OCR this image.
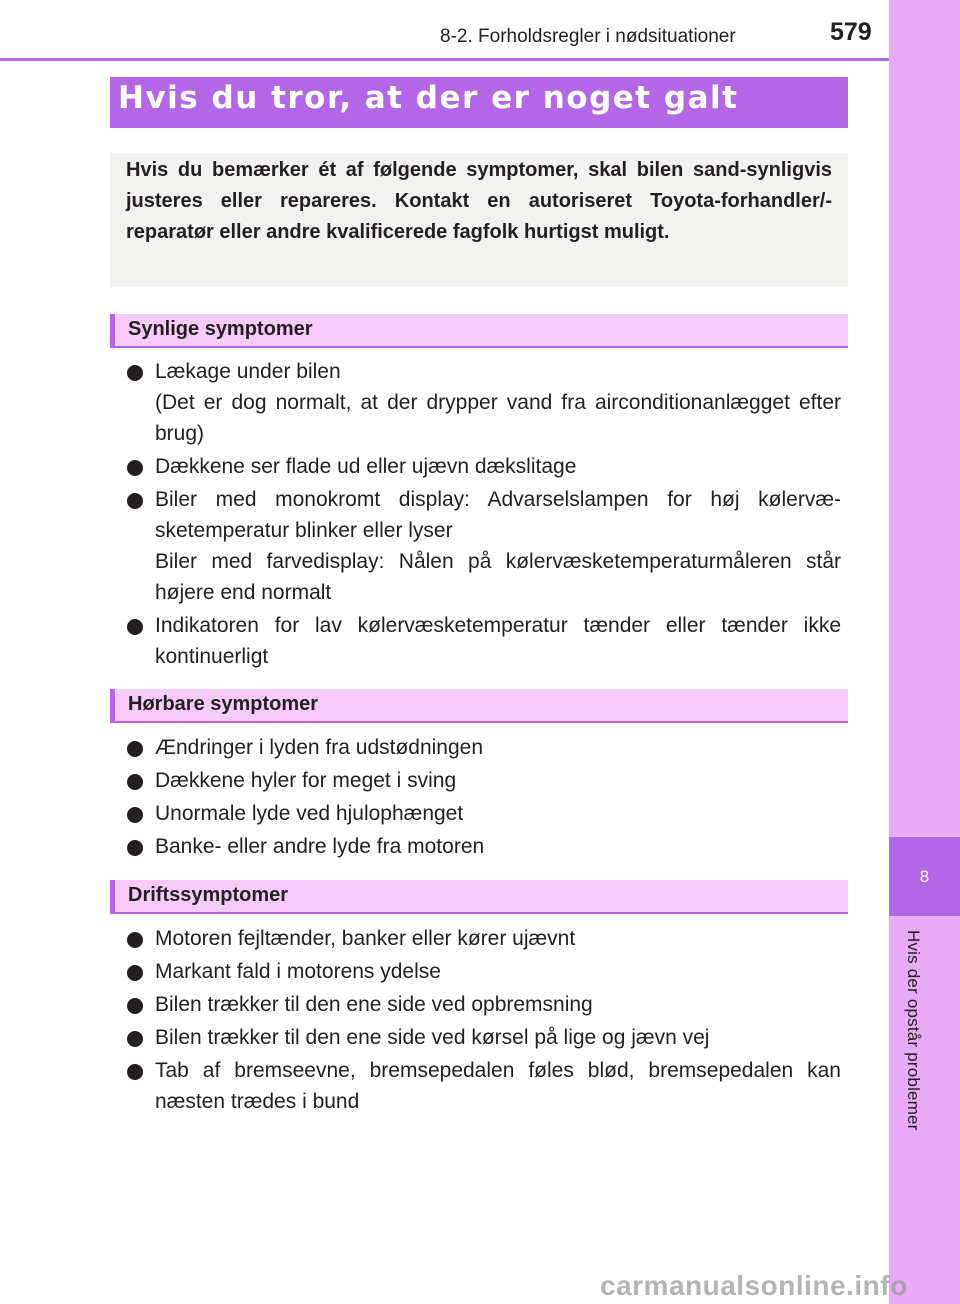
8
Hvis der opstår problemer
8-2. Forholdsregler i nødsituationer	579
Hvis du tror, at der er noget galt
Hvis du bemærker ét af følgende symptomer, skal bilen sand-synligvis justeres eller repareres. Kontakt en autoriseret Toyota-forhandler/-reparatør eller andre kvalificerede fagfolk hurtigst muligt.
Synlige symptomer
Lækage under bilen
(Det er dog normalt, at der drypper vand fra airconditionanlægget efter brug)
Dækkene ser flade ud eller ujævn dækslitage
Biler med monokromt display: Advarselslampen for høj kølervæ-sketemperatur blinker eller lyser
Biler med farvedisplay: Nålen på kølervæsketemperaturmåleren står højere end normalt
Indikatoren for lav kølervæsketemperatur tænder eller tænder ikke kontinuerligt
Hørbare symptomer
Ændringer i lyden fra udstødningen
Dækkene hyler for meget i sving
Unormale lyde ved hjulophænget
Banke- eller andre lyde fra motoren
Driftssymptomer
Motoren fejltænder, banker eller kører ujævnt
Markant fald i motorens ydelse
Bilen trækker til den ene side ved opbremsning
Bilen trækker til den ene side ved kørsel på lige og jævn vej
Tab af bremseevne, bremsepedalen føles blød, bremsepedalen kan næsten trædes i bund
carmanualsonline.info
